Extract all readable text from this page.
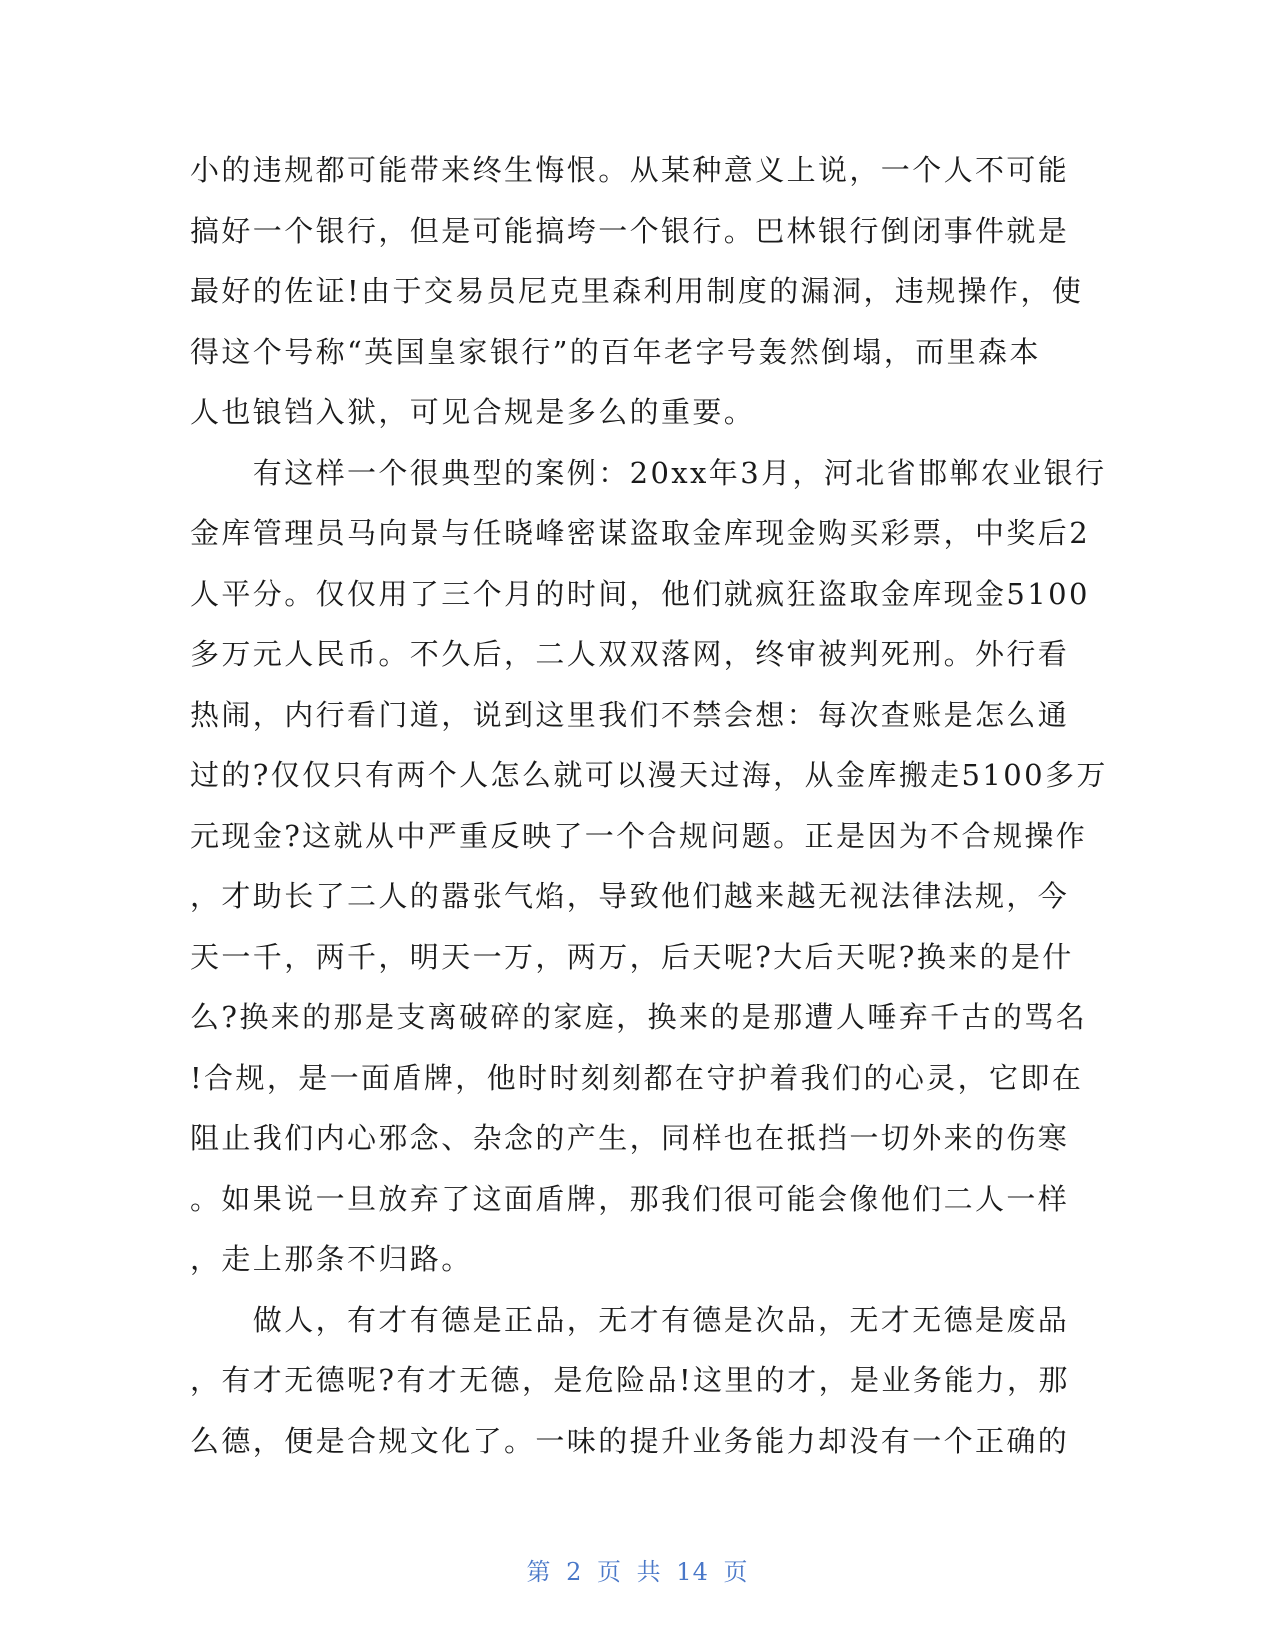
小的违规都可能带来终生悔恨。从某种意义上说，一个人不可能
搞好一个银行，但是可能搞垮一个银行。巴林银行倒闭事件就是
最好的佐证!由于交易员尼克里森利用制度的漏洞，违规操作，使
得这个号称“英国皇家银行”的百年老字号轰然倒塌，而里森本
人也锒铛入狱，可见合规是多么的重要。
　　有这样一个很典型的案例：20xx年3月，河北省邯郸农业银行
金库管理员马向景与任晓峰密谋盗取金库现金购买彩票，中奖后2
人平分。仅仅用了三个月的时间，他们就疯狂盗取金库现金5100
多万元人民币。不久后，二人双双落网，终审被判死刑。外行看
热闹，内行看门道，说到这里我们不禁会想：每次查账是怎么通
过的?仅仅只有两个人怎么就可以漫天过海，从金库搬走5100多万
元现金?这就从中严重反映了一个合规问题。正是因为不合规操作
，才助长了二人的嚣张气焰，导致他们越来越无视法律法规，今
天一千，两千，明天一万，两万，后天呢?大后天呢?换来的是什
么?换来的那是支离破碎的家庭，换来的是那遭人唾弃千古的骂名
!合规，是一面盾牌，他时时刻刻都在守护着我们的心灵，它即在
阻止我们内心邪念、杂念的产生，同样也在抵挡一切外来的伤寒
。如果说一旦放弃了这面盾牌，那我们很可能会像他们二人一样
，走上那条不归路。
　　做人，有才有德是正品，无才有德是次品，无才无德是废品
，有才无德呢?有才无德，是危险品!这里的才，是业务能力，那
么德，便是合规文化了。一味的提升业务能力却没有一个正确的
第 2 页 共 14 页
